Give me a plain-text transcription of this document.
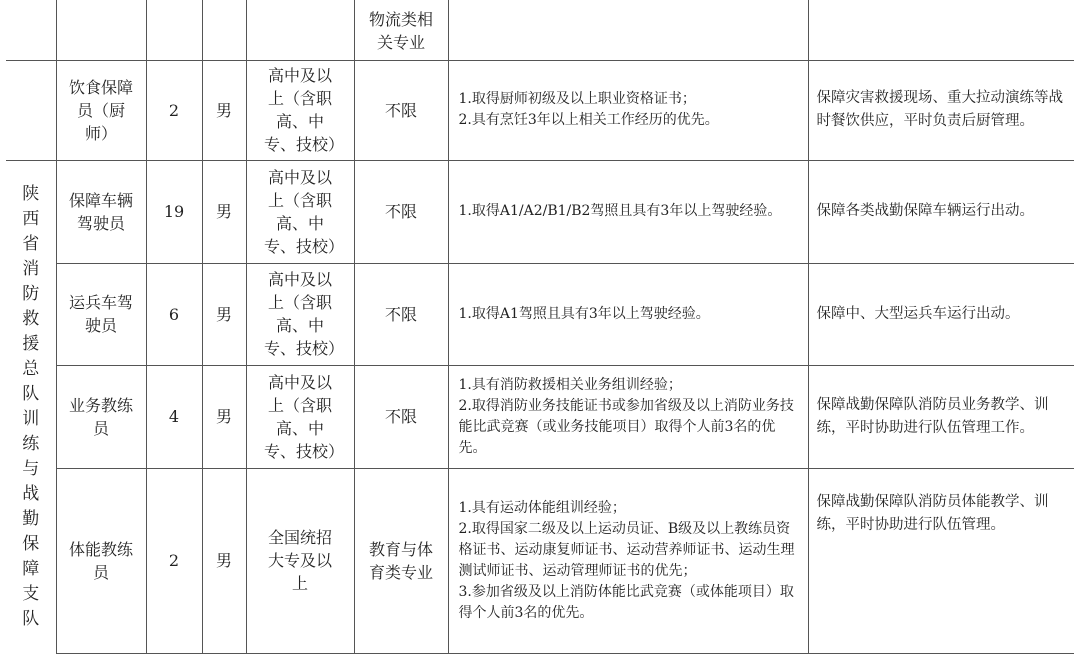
					物流类相关专业		

	饮食保障员（厨师）	2	男	高中及以上（含职高、中专、技校）	不限	1.取得厨师初级及以上职业资格证书；
2.具有烹饪3年以上相关工作经历的优先。	保障灾害救援现场、重大拉动演练等战时餐饮供应，平时负责后厨管理。

陕西省消防救援总队训练与战勤保障支队	保障车辆驾驶员	19	男	高中及以上（含职高、中专、技校）	不限	1.取得A1/A2/B1/B2驾照且具有3年以上驾驶经验。	保障各类战勤保障车辆运行出动。

	运兵车驾驶员	6	男	高中及以上（含职高、中专、技校）	不限	1.取得A1驾照且具有3年以上驾驶经验。	保障中、大型运兵车运行出动。

	业务教练员	4	男	高中及以上（含职高、中专、技校）	不限	1.具有消防救援相关业务组训经验；
2.取得消防业务技能证书或参加省级及以上消防业务技能比武竞赛（或业务技能项目）取得个人前3名的优先。	保障战勤保障队消防员业务教学、训练，平时协助进行队伍管理工作。

	体能教练员	2	男	全国统招大专及以上	教育与体育类专业	1.具有运动体能组训经验；
2.取得国家二级及以上运动员证、B级及以上教练员资格证书、运动康复师证书、运动营养师证书、运动生理测试师证书、运动管理师证书的优先；
3.参加省级及以上消防体能比武竞赛（或体能项目）取得个人前3名的优先。	保障战勤保障队消防员体能教学、训练，平时协助进行队伍管理。
